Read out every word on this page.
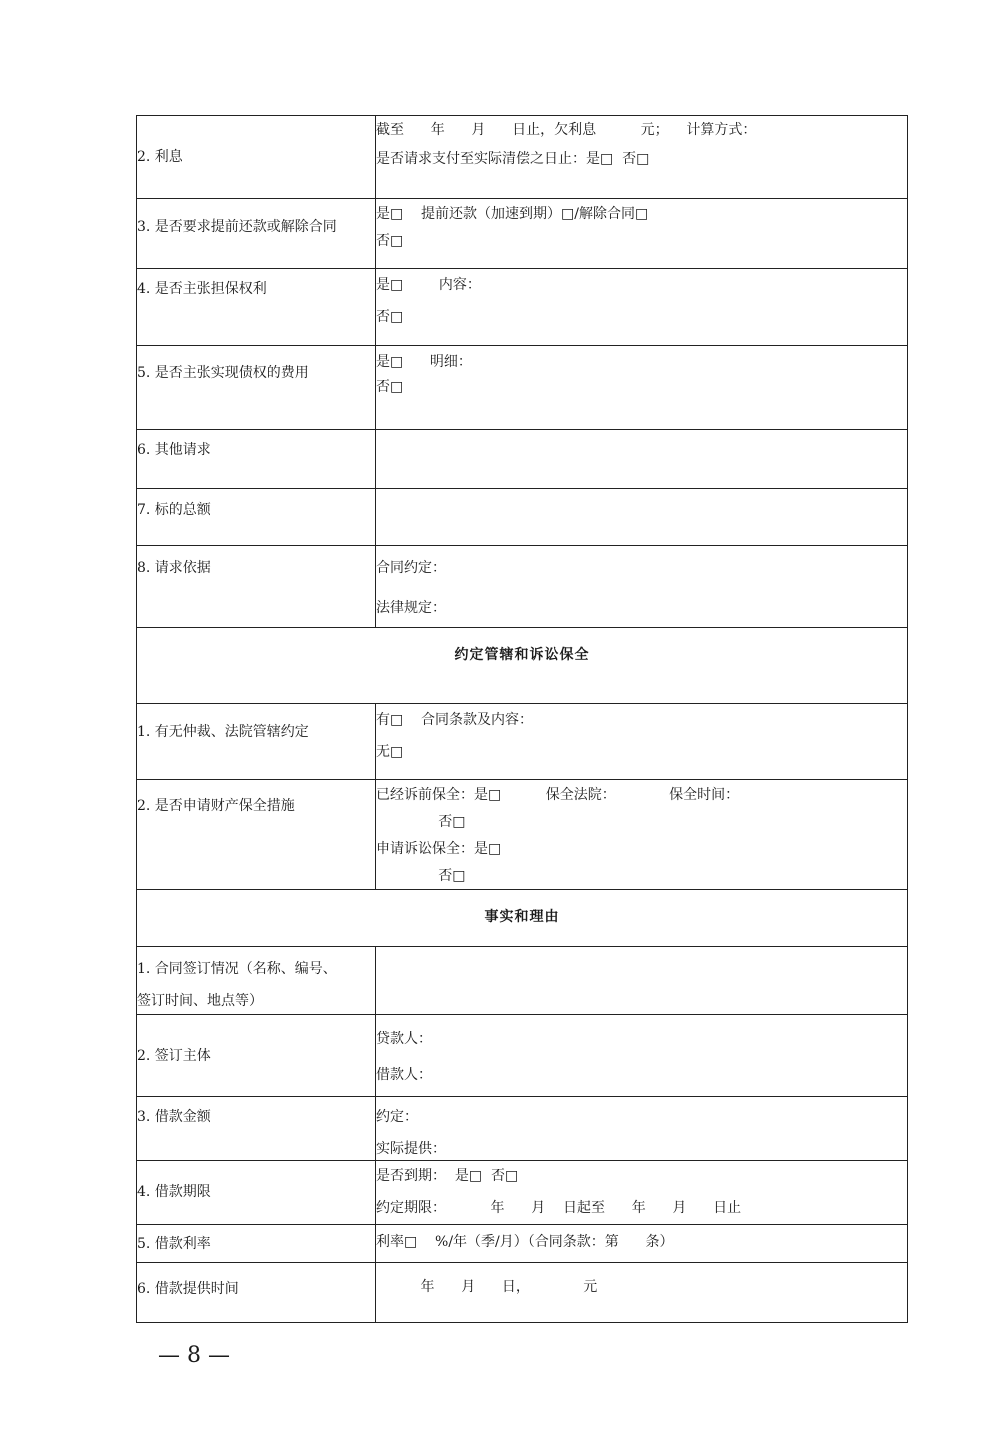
2. 利息	截至      年      月      日止，欠利息          元；    计算方式：
是否请求支付至实际清偿之日止：是□  否□

3. 是否要求提前还款或解除合同	是□    提前还款（加速到期）□/解除合同□
否□

4. 是否主张担保权利	是□        内容：
否□

5. 是否主张实现债权的费用	是□      明细：
否□

6. 其他请求	

7. 标的总额	

8. 请求依据	合同约定：
法律规定：

约定管辖和诉讼保全	

1. 有无仲裁、法院管辖约定	有□    合同条款及内容：
无□

2. 是否申请财产保全措施	已经诉前保全：是□          保全法院：            保全时间：
否□
申请诉讼保全：是□
否□

事实和理由	

1. 合同签订情况（名称、编号、
签订时间、地点等）	

2. 签订主体	贷款人：
借款人：

3. 借款金额	约定：
实际提供：

4. 借款期限	是否到期：  是□  否□
约定期限：          年      月    日起至      年      月      日止

5. 借款利率	利率□    %/年（季/月）（合同条款：第      条）

6. 借款提供时间	年      月      日，            元
— 8 —
